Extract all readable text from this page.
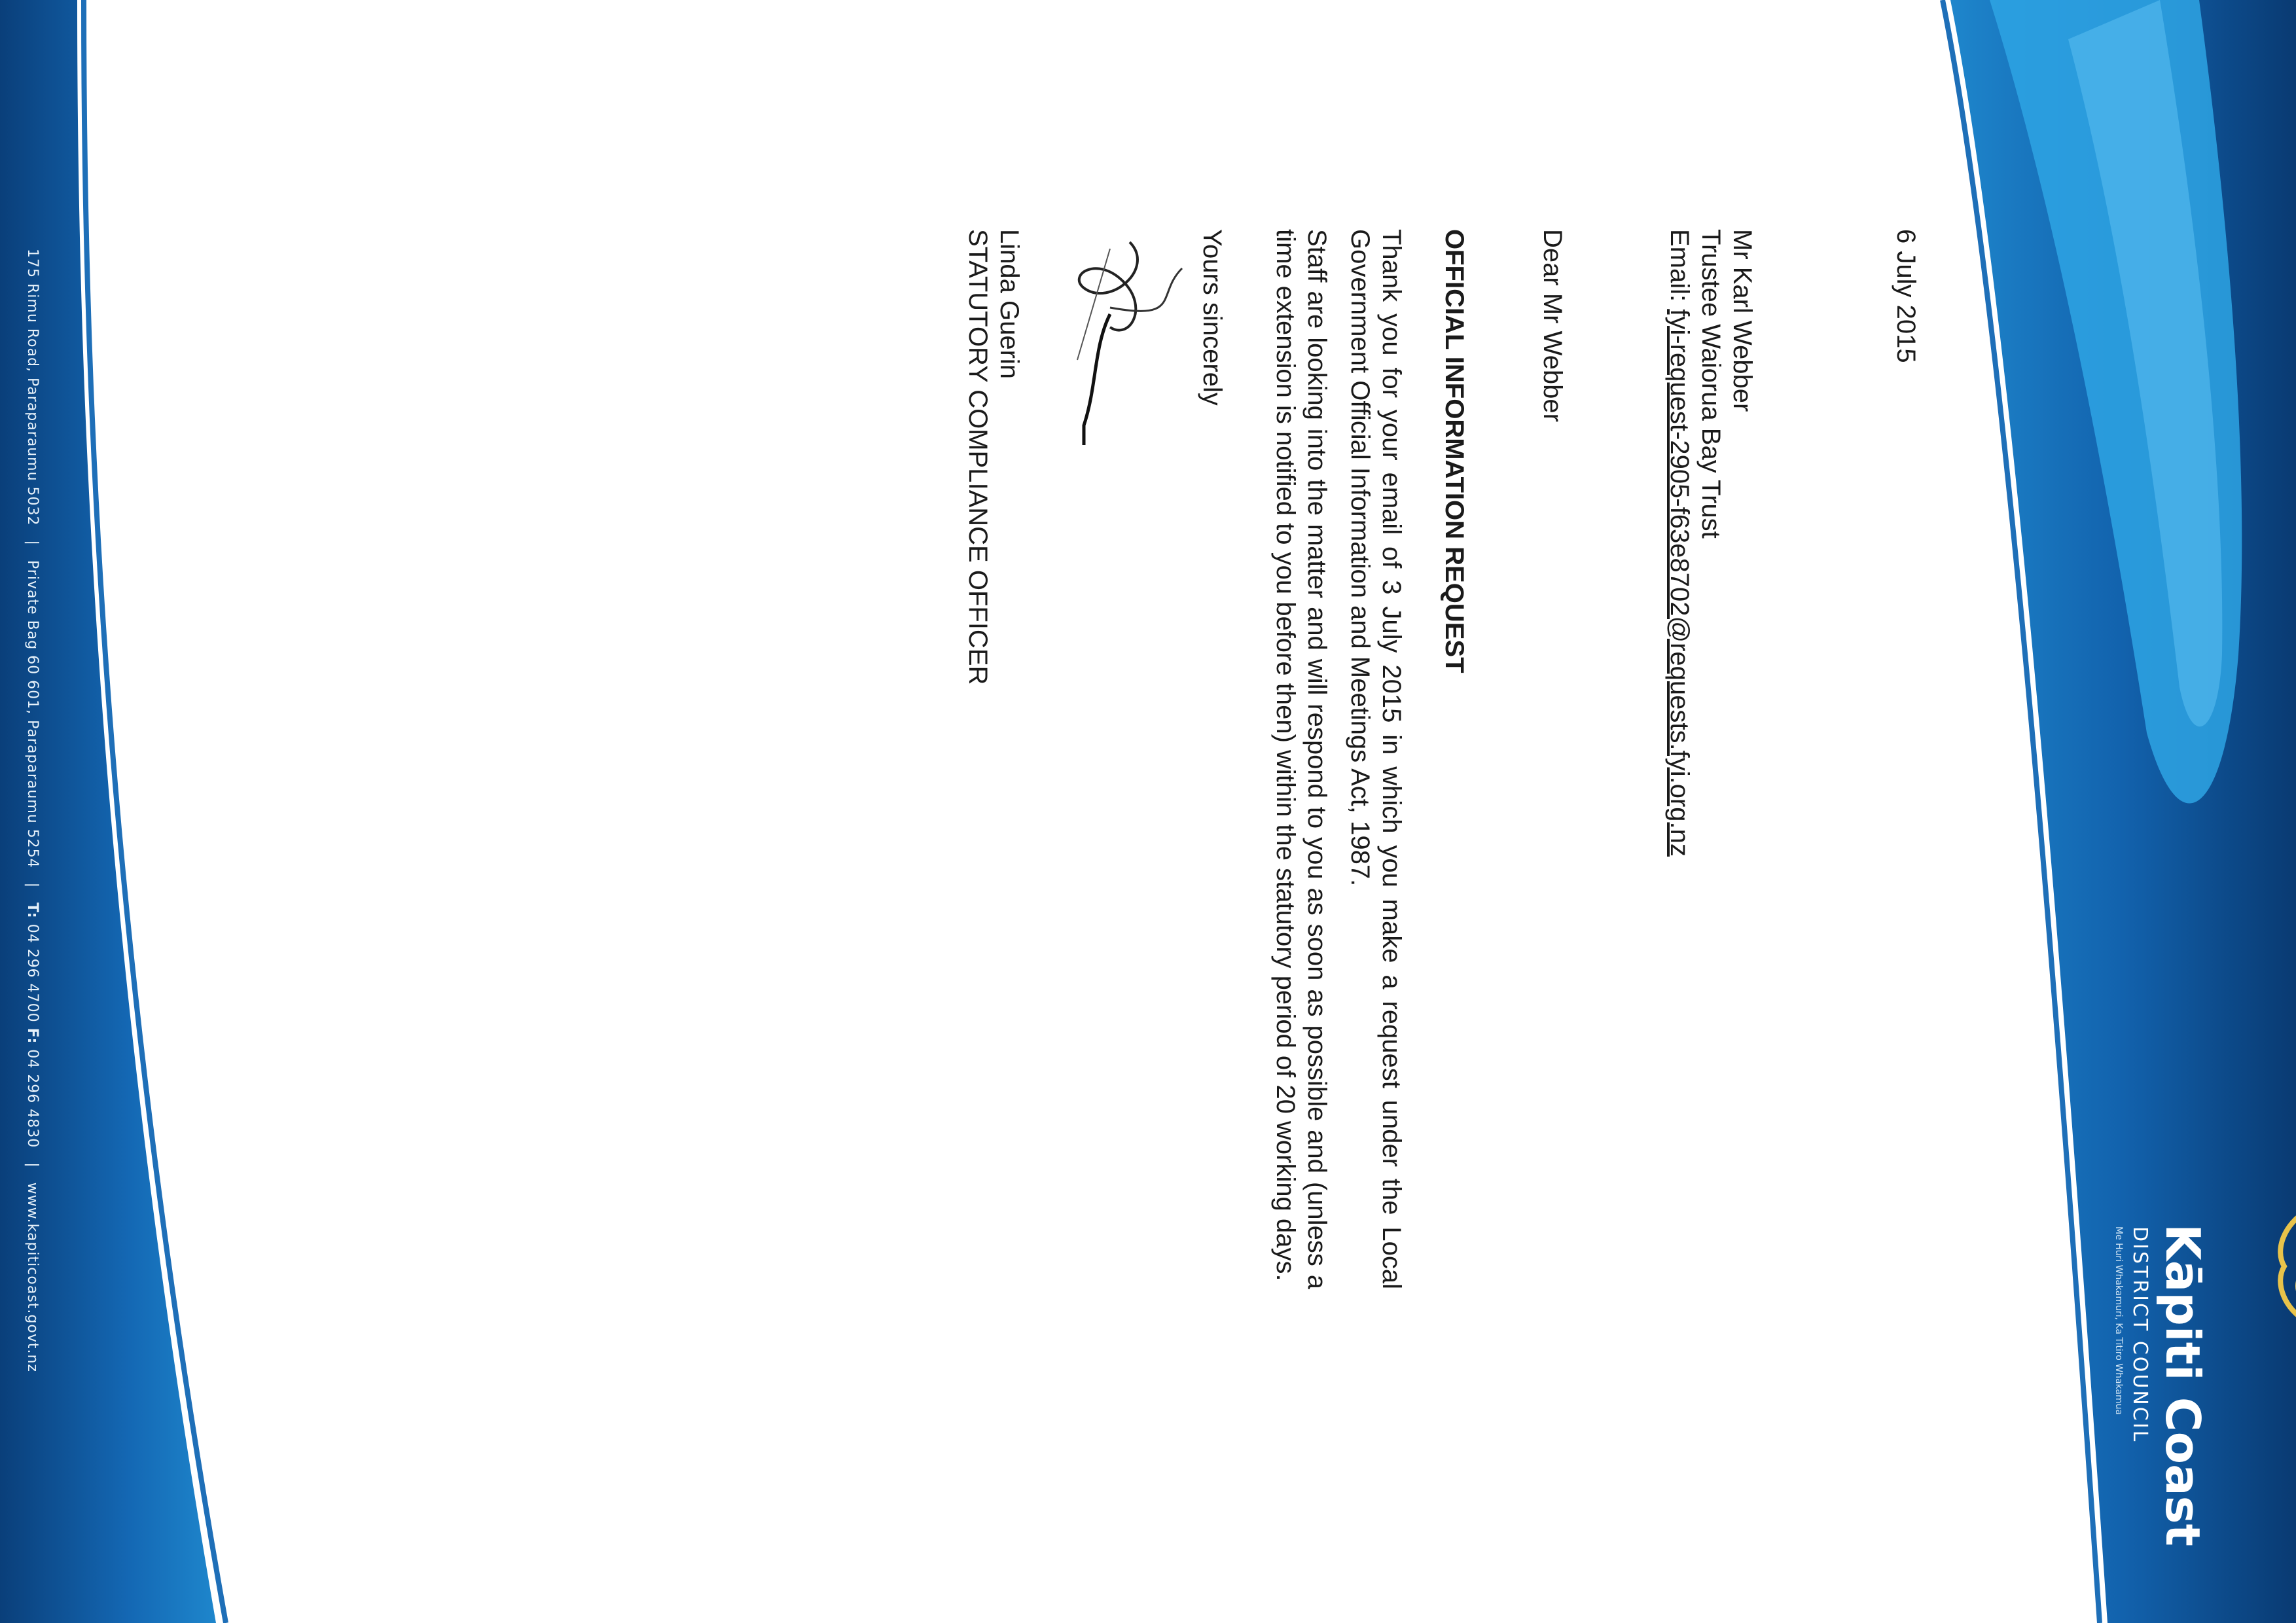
6 July 2015
Mr Karl Webber
Trustee Waiorua Bay Trust
Email: fyi-request-2905-f63e8702@requests.fyi.org.nz
Dear Mr Webber
OFFICIAL INFORMATION REQUEST
Thank you for your email of 3 July 2015 in which you make a request under the Local Government Official Information and Meetings Act, 1987.
Staff are looking into the matter and will respond to you as soon as possible and (unless a time extension is notified to you before then) within the statutory period of 20 working days.
Yours sincerely
Linda Guerin
STATUTORY COMPLIANCE OFFICER
175 Rimu Road, Paraparaumu 5032 | Private Bag 60 601, Paraparaumu 5254 | T: 04 296 4700 F: 04 296 4830 | www.kapiticoast.govt.nz	Kāpiti Coast
DISTRICT COUNCIL
Me Huri Whakamuri, Ka Titiro Whakamua
